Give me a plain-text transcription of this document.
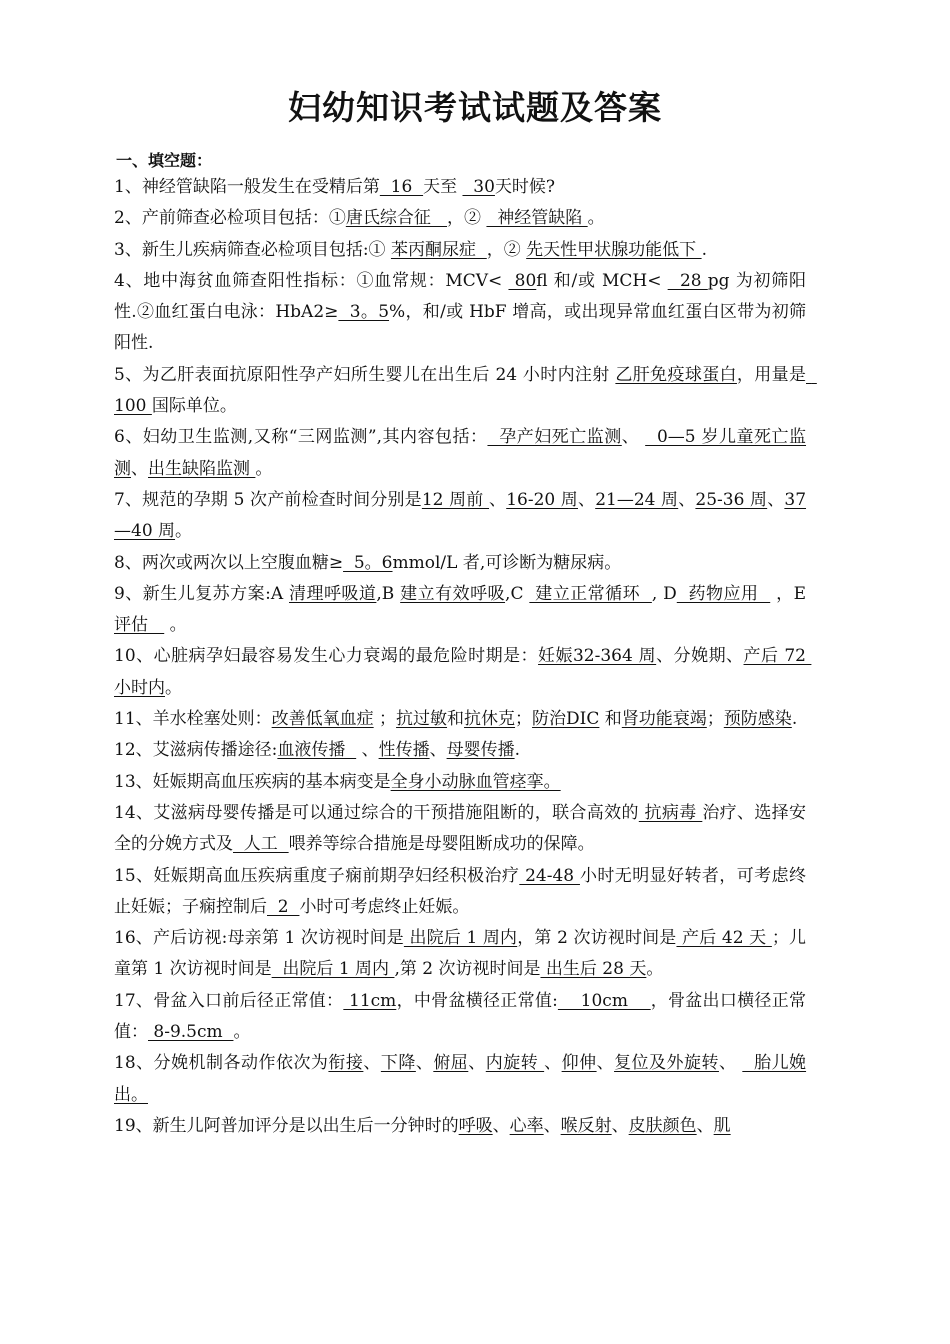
妇幼知识考试试题及答案
一、填空题：

1、神经管缺陷一般发生在受精后第  16  天至   30天时候?

2、产前筛查必检项目包括：①唐氏综合征   ，②   神经管缺陷 。

3、新生儿疾病筛查必检项目包括:① 苯丙酮尿症  ，② 先天性甲状腺功能低下 .

4、地中海贫血筛查阳性指标：①血常规：MCV<  80fl 和/或 MCH<   28 pg 为初筛阳性.②血红蛋白电泳：HbA2≥  3。5%，和/或 HbF 增高，或出现异常血红蛋白区带为初筛阳性.

5、为乙肝表面抗原阳性孕产妇所生婴儿在出生后 24 小时内注射 乙肝免疫球蛋白，用量是  100 国际单位。

6、妇幼卫生监测,又称“三网监测”,其内容包括：  孕产妇死亡监测、   0—5 岁儿童死亡监测、出生缺陷监测 。

7、规范的孕期 5 次产前检查时间分别是12 周前 、16-20 周、21—24 周、25-36 周、37—40 周。

8、两次或两次以上空腹血糖≥  5。6mmol/L 者,可诊断为糖尿病。

9、新生儿复苏方案:A 清理呼吸道,B 建立有效呼吸,C  建立正常循环  , D  药物应用   ，E 评估    。

10、心脏病孕妇最容易发生心力衰竭的最危险时期是：妊娠32-364 周、分娩期、产后 72 小时内。

11、羊水栓塞处则：改善低氧血症 ；抗过敏和抗休克；防治DIC 和肾功能衰竭；预防感染.

12、艾滋病传播途径:血液传播   、性传播、母婴传播.

13、妊娠期高血压疾病的基本病变是全身小动脉血管痉挛。

14、艾滋病母婴传播是可以通过综合的干预措施阻断的，联合高效的 抗病毒 治疗、选择安全的分娩方式及  人工  喂养等综合措施是母婴阻断成功的保障。

15、妊娠期高血压疾病重度子痫前期孕妇经积极治疗 24-48 小时无明显好转者，可考虑终止妊娠；子痫控制后  2  小时可考虑终止妊娠。

16、产后访视:母亲第 1 次访视时间是 出院后 1 周内，第 2 次访视时间是 产后 42 天 ；儿童第 1 次访视时间是  出院后 1 周内 ,第 2 次访视时间是 出生后 28 天。

17、骨盆入口前后径正常值： 11cm，中骨盆横径正常值:    10cm    ，骨盆出口横径正常值： 8-9.5cm  。

18、分娩机制各动作依次为衔接、下降、俯屈、内旋转 、仰伸、复位及外旋转、   胎儿娩出。

19、新生儿阿普加评分是以出生后一分钟时的呼吸、心率、喉反射、皮肤颜色、肌
